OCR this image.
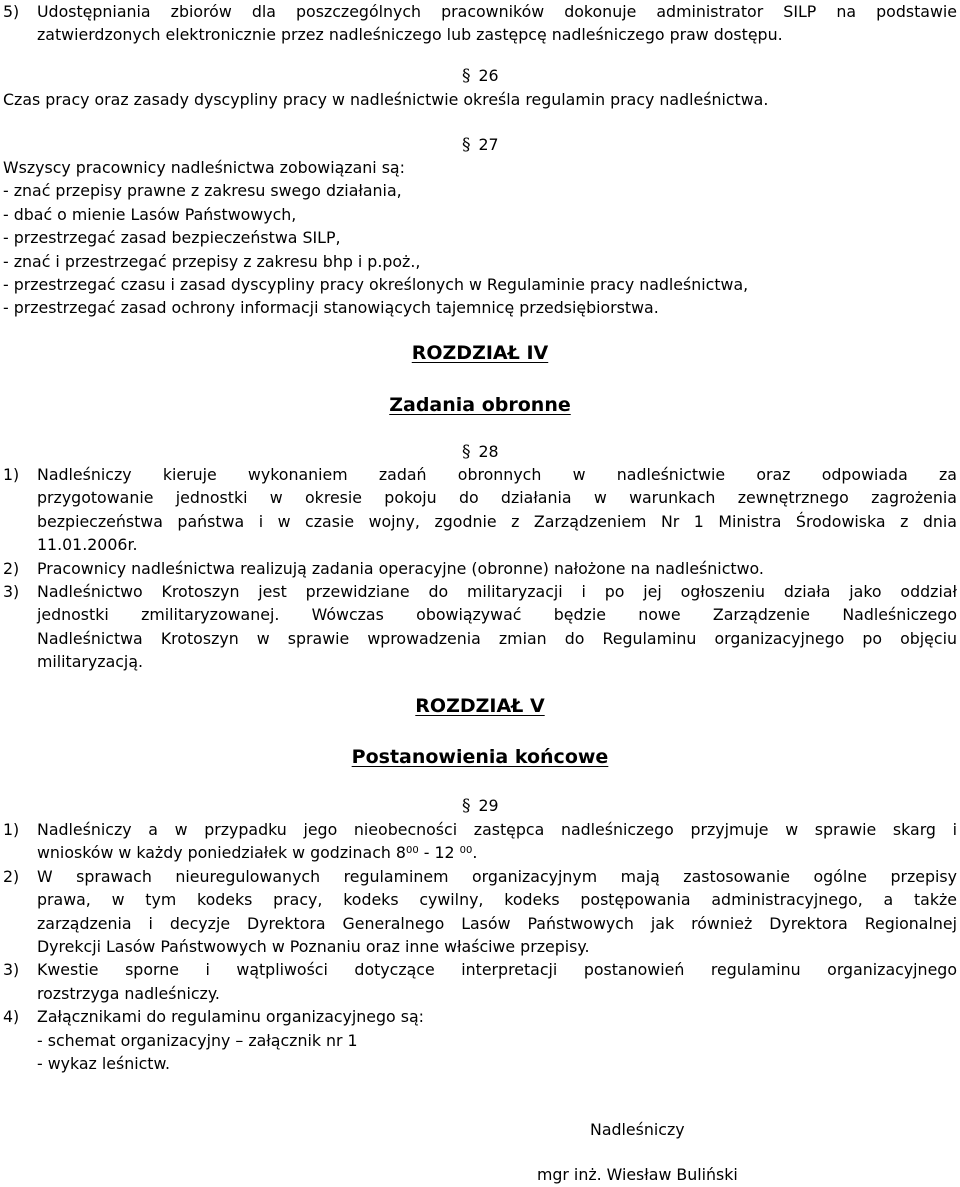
5)	Udostępniania zbiorów dla poszczególnych pracowników dokonuje administrator SILP na podstawie
zatwierdzonych elektronicznie przez nadleśniczego lub zastępcę nadleśniczego praw dostępu.
§ 26
Czas pracy oraz zasady dyscypliny pracy w nadleśnictwie określa regulamin pracy nadleśnictwa.
§ 27
Wszyscy pracownicy nadleśnictwa zobowiązani są:
- znać przepisy prawne z zakresu swego działania,
- dbać o mienie Lasów Państwowych,
- przestrzegać zasad bezpieczeństwa SILP,
- znać i przestrzegać przepisy z zakresu bhp i p.poż.,
- przestrzegać czasu i zasad dyscypliny pracy określonych w Regulaminie pracy nadleśnictwa,
- przestrzegać zasad ochrony informacji stanowiących tajemnicę przedsiębiorstwa.
ROZDZIAŁ IV
Zadania obronne
§ 28
1)	Nadleśniczy kieruje wykonaniem zadań obronnych w nadleśnictwie oraz odpowiada za
przygotowanie jednostki w okresie pokoju do działania w warunkach zewnętrznego zagrożenia
bezpieczeństwa państwa i w czasie wojny, zgodnie z Zarządzeniem Nr 1 Ministra Środowiska z dnia
11.01.2006r.
2)	Pracownicy nadleśnictwa realizują zadania operacyjne (obronne) nałożone na nadleśnictwo.
3)	Nadleśnictwo Krotoszyn jest przewidziane do militaryzacji i po jej ogłoszeniu działa jako oddział
jednostki zmilitaryzowanej. Wówczas obowiązywać będzie nowe Zarządzenie Nadleśniczego
Nadleśnictwa Krotoszyn w sprawie wprowadzenia zmian do Regulaminu organizacyjnego po objęciu
militaryzacją.
ROZDZIAŁ V
Postanowienia końcowe
§ 29
1)	Nadleśniczy a w przypadku jego nieobecności zastępca nadleśniczego przyjmuje w sprawie skarg i
wniosków w każdy poniedziałek w godzinach $8^{00} - 12$ $^{00}$.
2)	W sprawach nieuregulowanych regulaminem organizacyjnym mają zastosowanie ogólne przepisy
prawa, w tym kodeks pracy, kodeks cywilny, kodeks postępowania administracyjnego, a także
zarządzenia i decyzje Dyrektora Generalnego Lasów Państwowych jak również Dyrektora Regionalnej
Dyrekcji Lasów Państwowych w Poznaniu oraz inne właściwe przepisy.
3)	Kwestie sporne i wątpliwości dotyczące interpretacji postanowień regulaminu organizacyjnego
rozstrzyga nadleśniczy.
4)	Załącznikami do regulaminu organizacyjnego są:
- schemat organizacyjny – załącznik nr 1
- wykaz leśnictw.
Nadleśniczy
mgr inż. Wiesław Buliński
